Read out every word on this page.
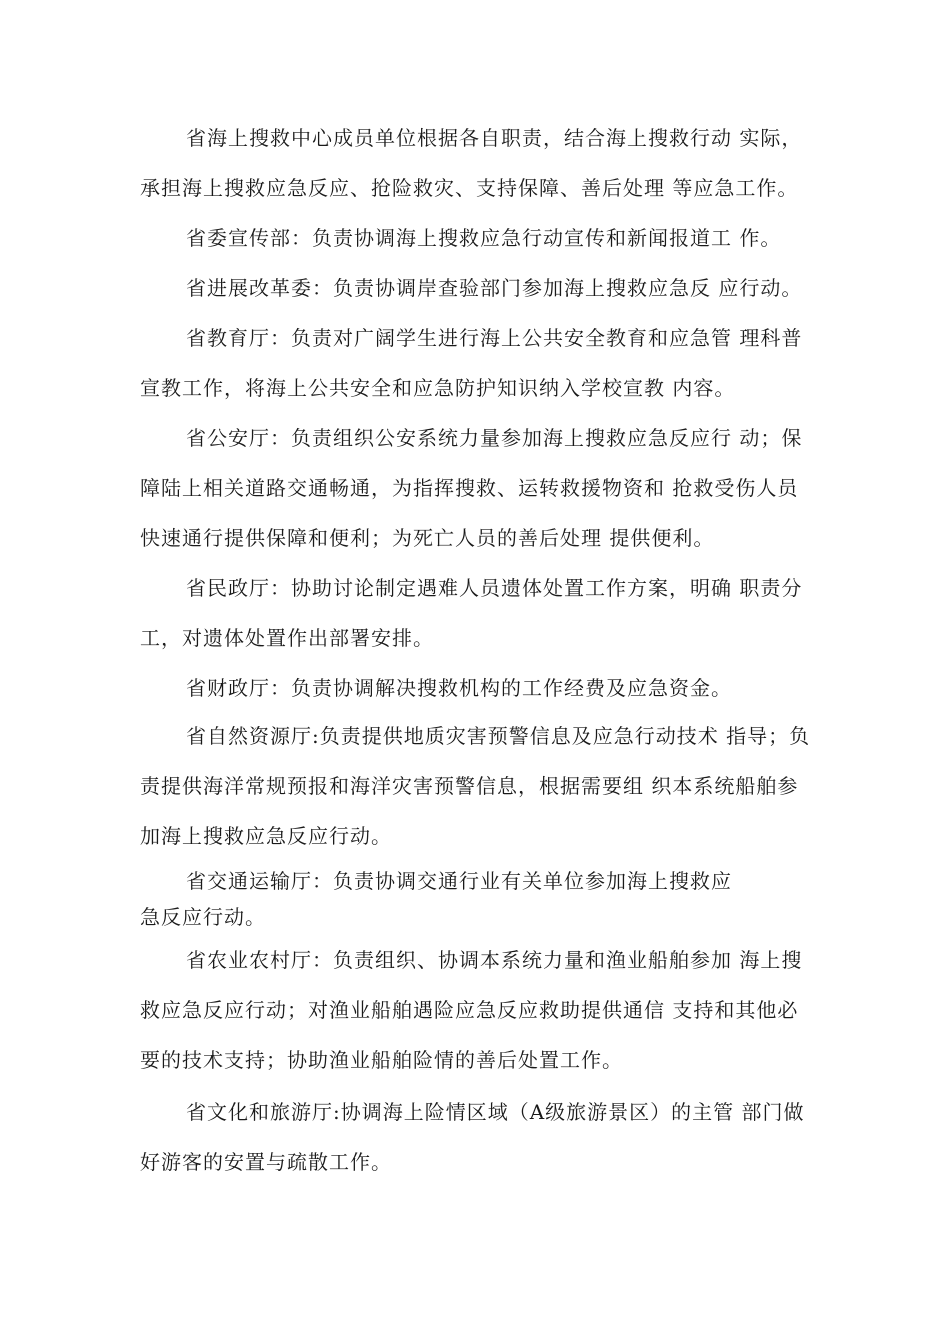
省海上搜救中心成员单位根据各自职责，结合海上搜救行动 实际，
承担海上搜救应急反应、抢险救灾、支持保障、善后处理 等应急工作。
省委宣传部：负责协调海上搜救应急行动宣传和新闻报道工 作。
省进展改革委：负责协调岸查验部门参加海上搜救应急反 应行动。
省教育厅：负责对广阔学生进行海上公共安全教育和应急管 理科普
宣教工作，将海上公共安全和应急防护知识纳入学校宣教 内容。
省公安厅：负责组织公安系统力量参加海上搜救应急反应行 动；保
障陆上相关道路交通畅通，为指挥搜救、运转救援物资和 抢救受伤人员
快速通行提供保障和便利；为死亡人员的善后处理 提供便利。
省民政厅：协助讨论制定遇难人员遗体处置工作方案，明确 职责分
工，对遗体处置作出部署安排。
省财政厅：负责协调解决搜救机构的工作经费及应急资金。
省自然资源厅:负责提供地质灾害预警信息及应急行动技术 指导；负
责提供海洋常规预报和海洋灾害预警信息，根据需要组 织本系统船舶参
加海上搜救应急反应行动。
省交通运输厅：负责协调交通行业有关单位参加海上搜救应
急反应行动。
省农业农村厅：负责组织、协调本系统力量和渔业船舶参加 海上搜
救应急反应行动；对渔业船舶遇险应急反应救助提供通信 支持和其他必
要的技术支持；协助渔业船舶险情的善后处置工作。
省文化和旅游厅:协调海上险情区域（A级旅游景区）的主管 部门做
好游客的安置与疏散工作。
